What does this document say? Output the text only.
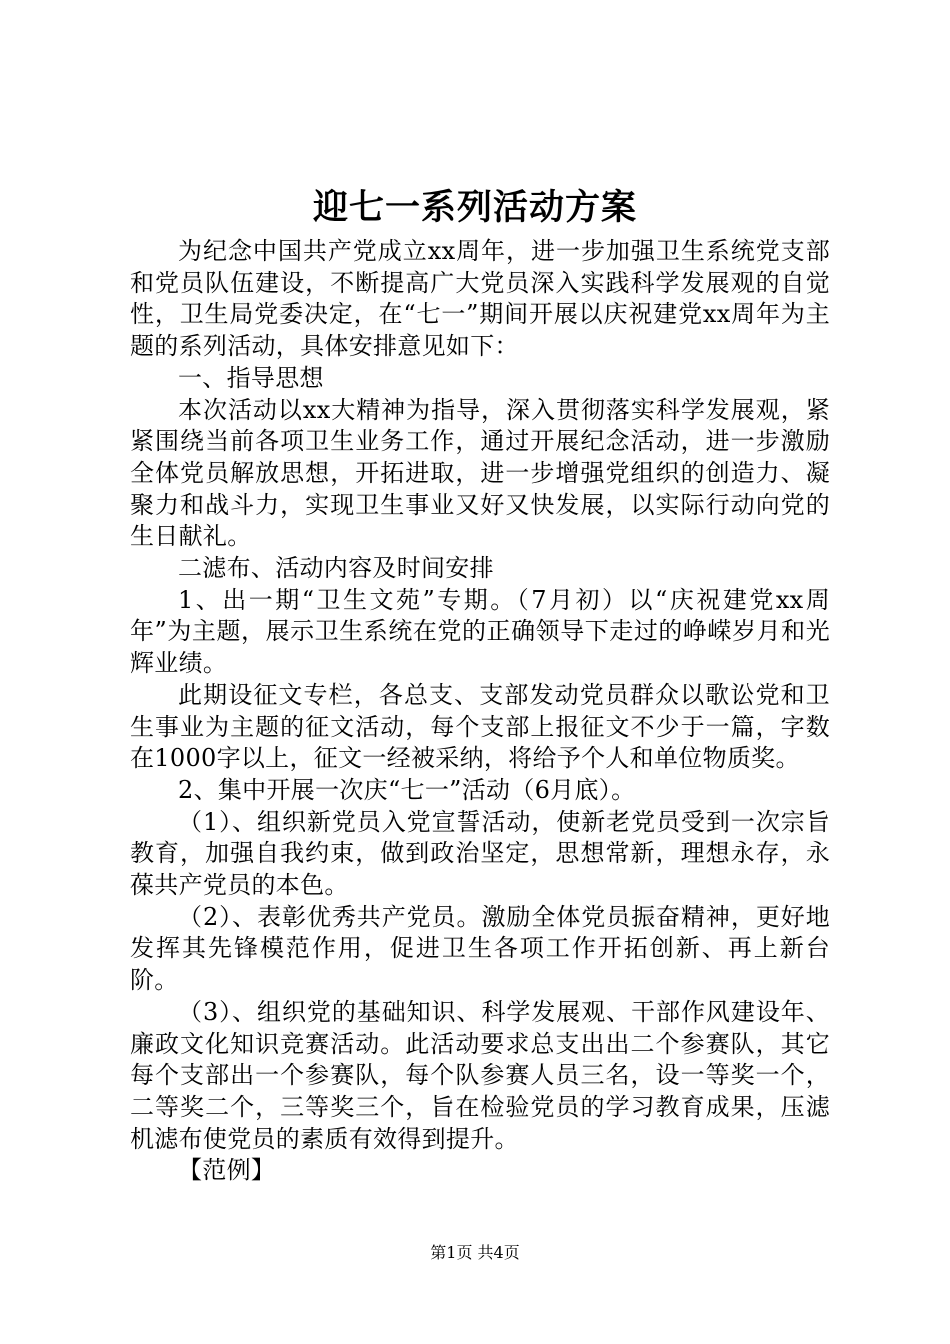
迎七一系列活动方案

为纪念中国共产党成立xx周年，进一步加强卫生系统党支部和党员队伍建设，不断提高广大党员深入实践科学发展观的自觉性，卫生局党委决定，在“七一”期间开展以庆祝建党xx周年为主题的系列活动，具体安排意见如下：

一、指导思想

本次活动以xx大精神为指导，深入贯彻落实科学发展观，紧紧围绕当前各项卫生业务工作，通过开展纪念活动，进一步激励全体党员解放思想，开拓进取，进一步增强党组织的创造力、凝聚力和战斗力，实现卫生事业又好又快发展，以实际行动向党的生日献礼。

二滤布、活动内容及时间安排

1、出一期“卫生文苑”专期。（7月初）以“庆祝建党xx周年”为主题，展示卫生系统在党的正确领导下走过的峥嵘岁月和光辉业绩。

此期设征文专栏，各总支、支部发动党员群众以歌讼党和卫生事业为主题的征文活动，每个支部上报征文不少于一篇，字数在1000字以上，征文一经被采纳，将给予个人和单位物质奖。

2、集中开展一次庆“七一”活动（6月底）。

（1）、组织新党员入党宣誓活动，使新老党员受到一次宗旨教育，加强自我约束，做到政治坚定，思想常新，理想永存，永葆共产党员的本色。

（2）、表彰优秀共产党员。激励全体党员振奋精神，更好地发挥其先锋模范作用，促进卫生各项工作开拓创新、再上新台阶。

（3）、组织党的基础知识、科学发展观、干部作风建设年、廉政文化知识竞赛活动。此活动要求总支出出二个参赛队，其它每个支部出一个参赛队，每个队参赛人员三名，设一等奖一个，二等奖二个，三等奖三个，旨在检验党员的学习教育成果，压滤机滤布使党员的素质有效得到提升。

【范例】

第1页 共4页
